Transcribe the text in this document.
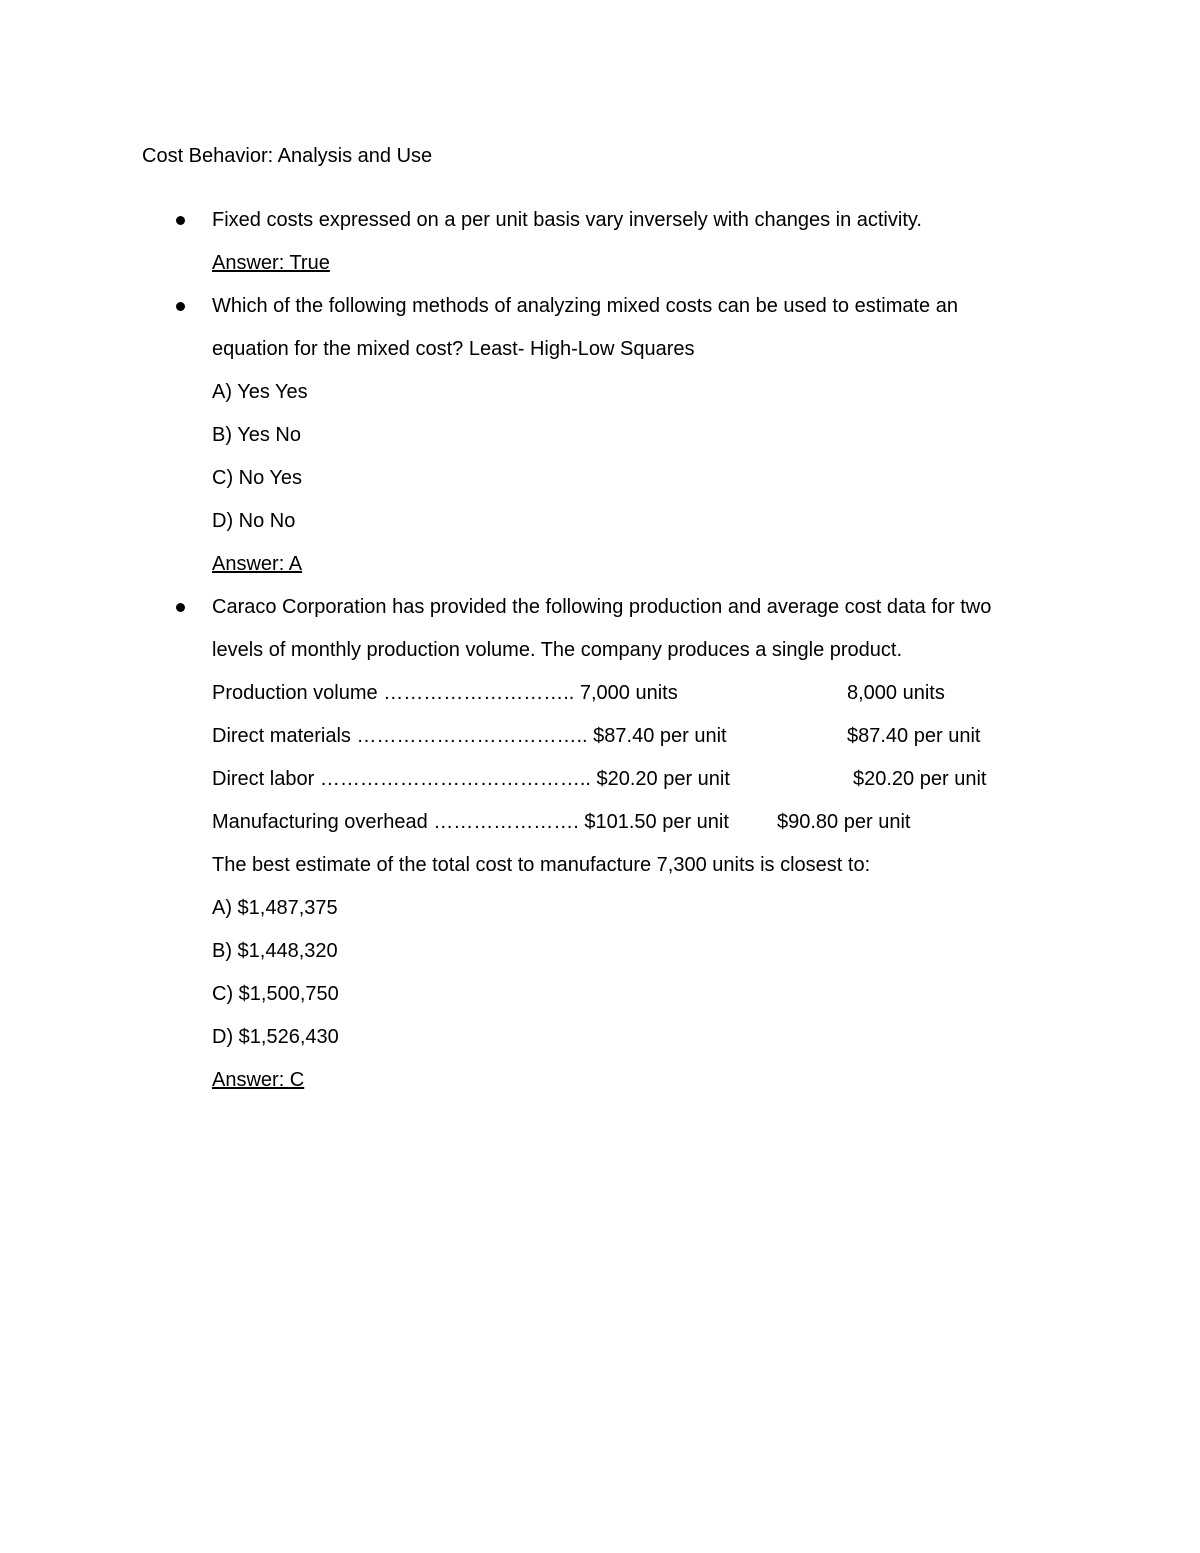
Cost Behavior: Analysis and Use
Fixed costs expressed on a per unit basis vary inversely with changes in activity.
Answer: True
Which of the following methods of analyzing mixed costs can be used to estimate an
equation for the mixed cost? Least- High-Low Squares
A) Yes Yes
B) Yes No
C) No Yes
D) No No
Answer: A
Caraco Corporation has provided the following production and average cost data for two
levels of monthly production volume. The company produces a single product.
Production volume ……………………….. 7,000 units	8,000 units
Direct materials …………………………….. $87.40 per unit	$87.40 per unit
Direct labor ………………………………….. $20.20 per unit	$20.20 per unit
Manufacturing overhead …………………. $101.50 per unit $90.80 per unit
The best estimate of the total cost to manufacture 7,300 units is closest to:
A) $1,487,375
B) $1,448,320
C) $1,500,750
D) $1,526,430
Answer: C
